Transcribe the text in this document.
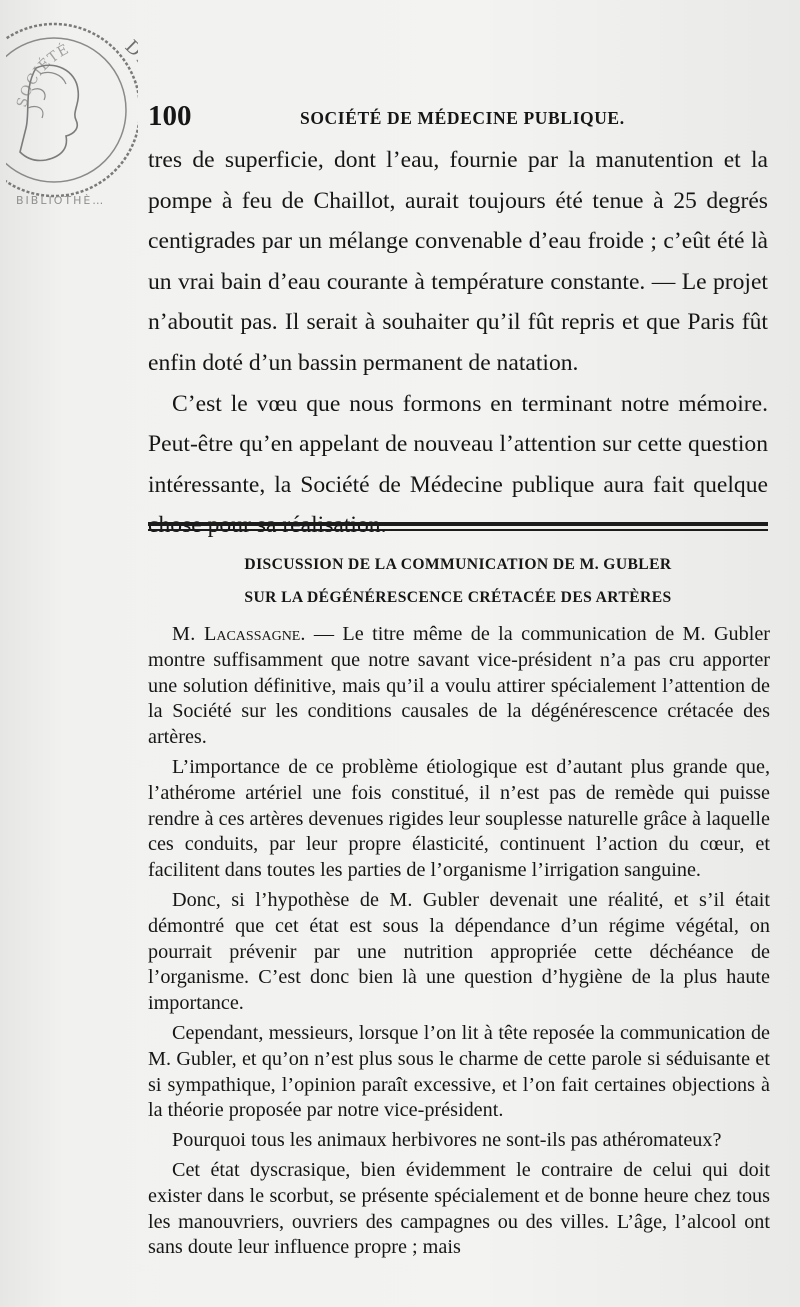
SOCIÉTÉ
BIBLIOTHÈ…
100	SOCIÉTÉ DE MÉDECINE PUBLIQUE.

tres de superficie, dont l’eau, fournie par la manutention et la pompe à feu de Chaillot, aurait toujours été tenue à 25 degrés centigrades par un mélange convenable d’eau froide ; c’eût été là un vrai bain d’eau courante à température constante. — Le projet n’aboutit pas. Il serait à souhaiter qu’il fût repris et que Paris fût enfin doté d’un bassin permanent de natation.

C’est le vœu que nous formons en terminant notre mémoire. Peut-être qu’en appelant de nouveau l’attention sur cette question intéressante, la Société de Médecine publique aura fait quelque

DISCUSSION DE LA COMMUNICATION DE M. GUBLER
SUR LA DÉGÉNÉRESCENCE CRÉTACÉE DES ARTÈRES

M. Lacassagne. — Le titre même de la communication de M. Gubler montre suffisamment que notre savant vice-président n’a pas cru apporter une solution définitive, mais qu’il a voulu attirer spécialement l’attention de la Société sur les conditions causales de la dégénérescence crétacée des artères.

L’importance de ce problème étiologique est d’autant plus grande que, l’athérome artériel une fois constitué, il n’est pas de remède qui puisse rendre à ces artères devenues rigides leur souplesse naturelle grâce à laquelle ces conduits, par leur propre élasticité, continuent l’action du cœur, et facilitent dans toutes les parties de l’organisme l’irrigation sanguine.

Donc, si l’hypothèse de M. Gubler devenait une réalité, et s’il était démontré que cet état est sous la dépendance d’un régime végétal, on pourrait prévenir par une nutrition appropriée cette déchéance de l’organisme. C’est donc bien là une question d’hygiène de la plus haute importance.

Cependant, messieurs, lorsque l’on lit à tête reposée la communication de M. Gubler, et qu’on n’est plus sous le charme de cette parole si séduisante et si sympathique, l’opinion paraît excessive, et l’on fait certaines objections à la théorie proposée par notre vice-président.

Pourquoi tous les animaux herbivores ne sont-ils pas athéromateux?

Cet état dyscrasique, bien évidemment le contraire de celui qui doit exister dans le scorbut, se présente spécialement et de bonne heure chez tous les manouvriers, ouvriers des campagnes ou des villes. L’âge, l’alcool ont sans doute leur influence propre ; mais
